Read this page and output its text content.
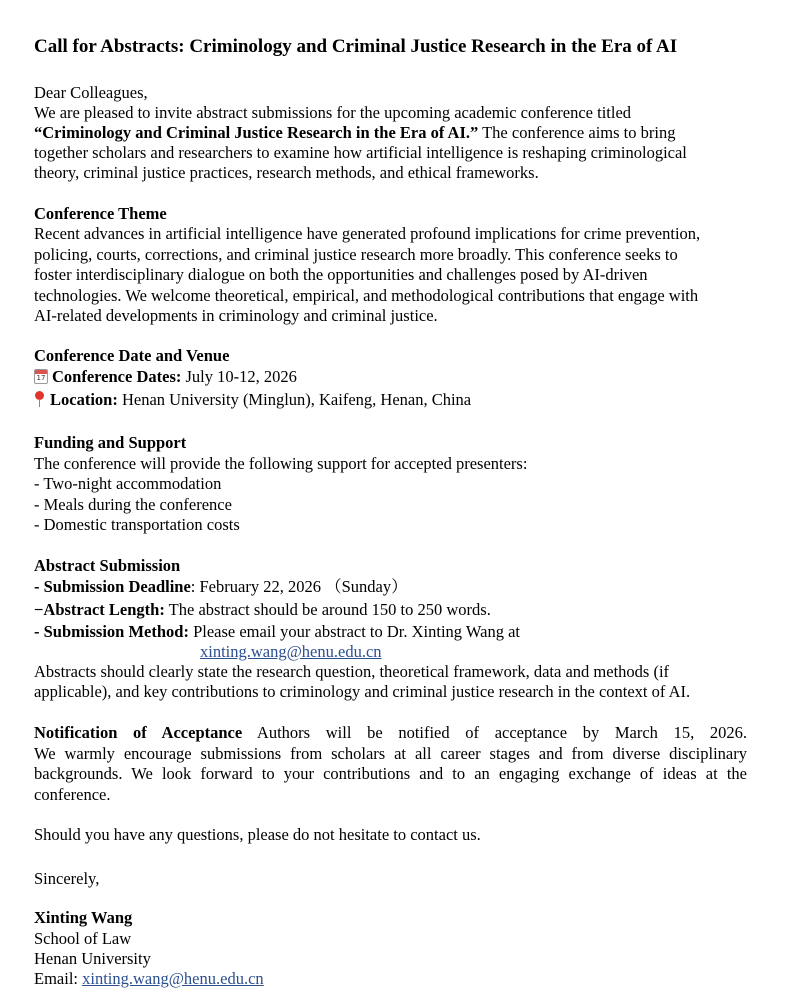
Call for Abstracts: Criminology and Criminal Justice Research in the Era of AI
Dear Colleagues,
We are pleased to invite abstract submissions for the upcoming academic conference titled
“Criminology and Criminal Justice Research in the Era of AI.” The conference aims to bring
together scholars and researchers to examine how artificial intelligence is reshaping criminological
theory, criminal justice practices, research methods, and ethical frameworks.
Conference Theme
Recent advances in artificial intelligence have generated profound implications for crime prevention,
policing, courts, corrections, and criminal justice research more broadly. This conference seeks to
foster interdisciplinary dialogue on both the opportunities and challenges posed by AI-driven
technologies. We welcome theoretical, empirical, and methodological contributions that engage with
AI-related developments in criminology and criminal justice.
Conference Date and Venue
17 Conference Dates: July 10-12, 2026
Location: Henan University (Minglun), Kaifeng, Henan, China
Funding and Support
The conference will provide the following support for accepted presenters:
- Two-night accommodation
- Meals during the conference
- Domestic transportation costs
Abstract Submission
- Submission Deadline: February 22, 2026 （Sunday）
−Abstract Length: The abstract should be around 150 to 250 words.
- Submission Method: Please email your abstract to Dr. Xinting Wang at
xinting.wang@henu.edu.cn
Abstracts should clearly state the research question, theoretical framework, data and methods (if
applicable), and key contributions to criminology and criminal justice research in the context of AI.
Notification of Acceptance Authors will be notified of acceptance by March 15, 2026.
We warmly encourage submissions from scholars at all career stages and from diverse disciplinary
backgrounds. We look forward to your contributions and to an engaging exchange of ideas at the
conference.
Should you have any questions, please do not hesitate to contact us.
Sincerely,
Xinting Wang
School of Law
Henan University
Email: xinting.wang@henu.edu.cn
